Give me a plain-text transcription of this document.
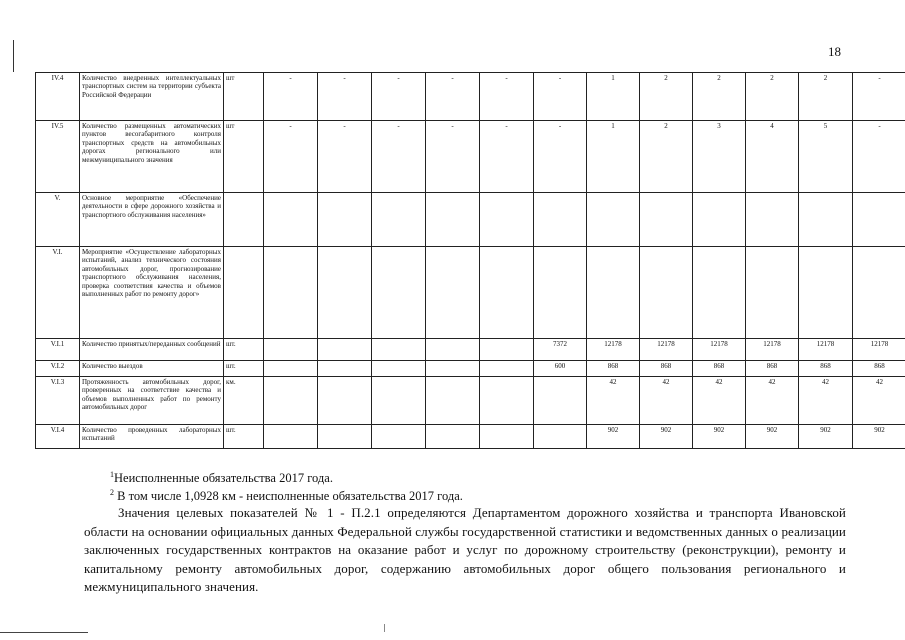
18
IV.4	Количество внедренных интеллектуальных транспортных систем на территории субъекта Российской Федерации	шт	-	-	-	-	-	-	1	2	2	2	2	-
IV.5	Количество размещенных автоматических пунктов весогабаритного контроля транспортных средств на автомобильных дорогах регионального или межмуниципального значения	шт	-	-	-	-	-	-	1	2	3	4	5	-
V.	Основное мероприятие «Обеспечение деятельности в сфере дорожного хозяйства и транспортного обслуживания населения»													
V.I.	Мероприятие «Осуществление лабораторных испытаний, анализ технического состояния автомобильных дорог, прогнозирование транспортного обслуживания населения, проверка соответствия качества и объемов выполненных работ по ремонту дорог»													
V.I.1	Количество принятых/переданных сообщений	шт.						7372	12178	12178	12178	12178	12178	12178
V.I.2	Количество выездов	шт.						600	868	868	868	868	868	868
V.I.3	Протяженность автомобильных дорог, проверенных на соответствие качества и объемов выполненных работ по ремонту автомобильных дорог	км.							42	42	42	42	42	42
V.I.4	Количество проведенных лабораторных испытаний	шт.							902	902	902	902	902	902
$^1$Неисполненные обязательства 2017 года.
$^2$ В том числе 1,0928 км - неисполненные обязательства 2017 года.
Значения целевых показателей № 1 - П.2.1 определяются Департаментом дорожного хозяйства и транспорта Ивановской области на основании официальных данных Федеральной службы государственной статистики и ведомственных данных о реализации заключенных государственных контрактов на оказание работ и услуг по дорожному строительству (реконструкции), ремонту и капитальному ремонту автомобильных дорог, содержанию автомобильных дорог общего пользования регионального и межмуниципального значения.
